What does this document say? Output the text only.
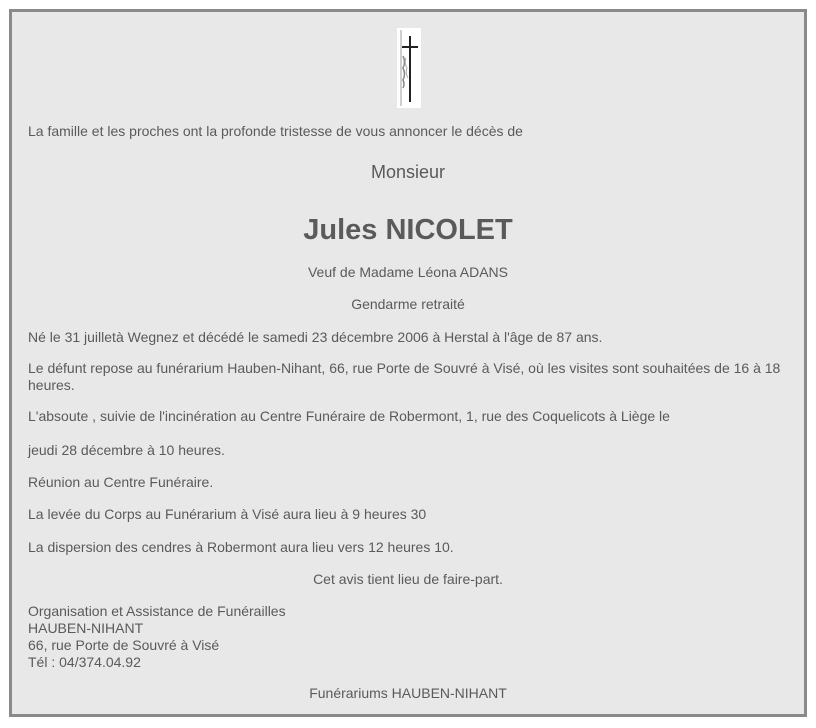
La famille et les proches ont la profonde tristesse de vous annoncer le décès de
Monsieur
Jules NICOLET
Veuf de Madame Léona ADANS
Gendarme retraité
Né le 31 juilletà Wegnez et décédé le samedi 23 décembre 2006 à Herstal à l'âge de 87 ans.
Le défunt repose au funérarium Hauben-Nihant, 66, rue Porte de Souvré à Visé, où les visites sont souhaitées de 16 à 18 heures.
L'absoute , suivie de l'incinération au Centre Funéraire de Robermont, 1, rue des Coquelicots à Liège le
jeudi 28 décembre à 10 heures.
Réunion au Centre Funéraire.
La levée du Corps au Funérarium à Visé aura lieu à 9 heures 30
La dispersion des cendres à Robermont aura lieu vers 12 heures 10.
Cet avis tient lieu de faire-part.
Organisation et Assistance de Funérailles
HAUBEN-NIHANT
66, rue Porte de Souvré à Visé
Tél : 04/374.04.92
Funérariums HAUBEN-NIHANT
